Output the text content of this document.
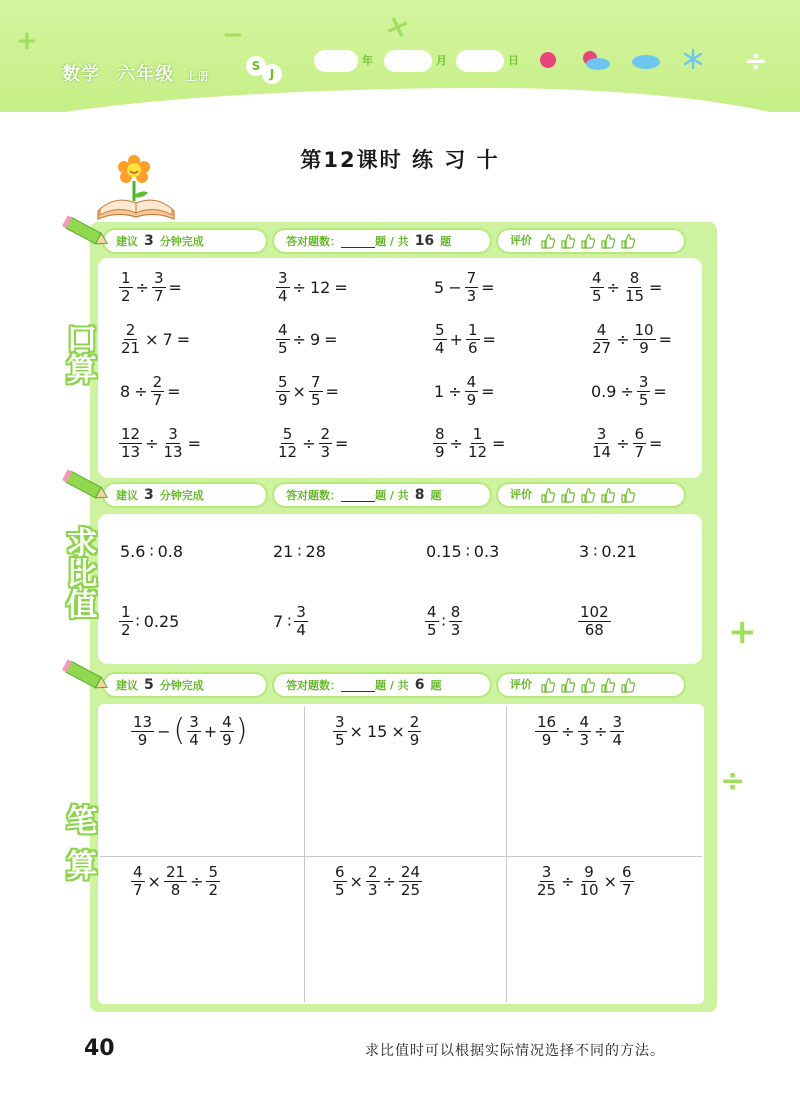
+	−	×
÷
数学 六年级 上册
S
J
年	月	日
第12课时 练 习 十
建议 3 分钟完成	答对题数：	题 / 共 16 题	评价
建议 3 分钟完成	答对题数：	题 / 共 8 题	评价
建议 5 分钟完成	答对题数：	题 / 共 6 题	评价
口算
求比值
笔算
$\frac{1}{2} \div \frac{3}{7}$ =	$\frac{3}{4} \div 12$ =	$5 - \frac{7}{3}$ =	$\frac{4}{5} \div \frac{8}{15}$ =
$\frac{2}{21} \times 7$ =	$\frac{4}{5} \div 9$ =	$\frac{5}{4} + \frac{1}{6}$ =	$\frac{4}{27} \div \frac{10}{9}$ =
$8 \div \frac{2}{7}$ =	$\frac{5}{9} \times \frac{7}{5}$ =	$1 \div \frac{4}{9}$ =	$0.9 \div \frac{3}{5}$ =
$\frac{12}{13} \div \frac{3}{13}$ =	$\frac{5}{12} \div \frac{2}{3}$ =	$\frac{8}{9} \div \frac{1}{12}$ =	$\frac{3}{14} \div \frac{6}{7}$ =
5.6 ∶ 0.8	21 ∶ 28	0.15 ∶ 0.3	3 ∶ 0.21
$\frac{1}{2}$ ∶ 0.25	7 ∶ $\frac{3}{4}$	$\frac{4}{5}$ ∶ $\frac{8}{3}$	$\frac{102}{68}$
$\frac{13}{9}$ − ( $\frac{3}{4} + \frac{4}{9}$ )	$\frac{3}{5} \times 15 \times \frac{2}{9}$	$\frac{16}{9} \div \frac{4}{3} \div \frac{3}{4}$
$\frac{4}{7} \times \frac{21}{8} \div \frac{5}{2}$	$\frac{6}{5} \times \frac{2}{3} \div \frac{24}{25}$	$\frac{3}{25} \div \frac{9}{10} \times \frac{6}{7}$
+
÷
40	求比值时可以根据实际情况选择不同的方法。
